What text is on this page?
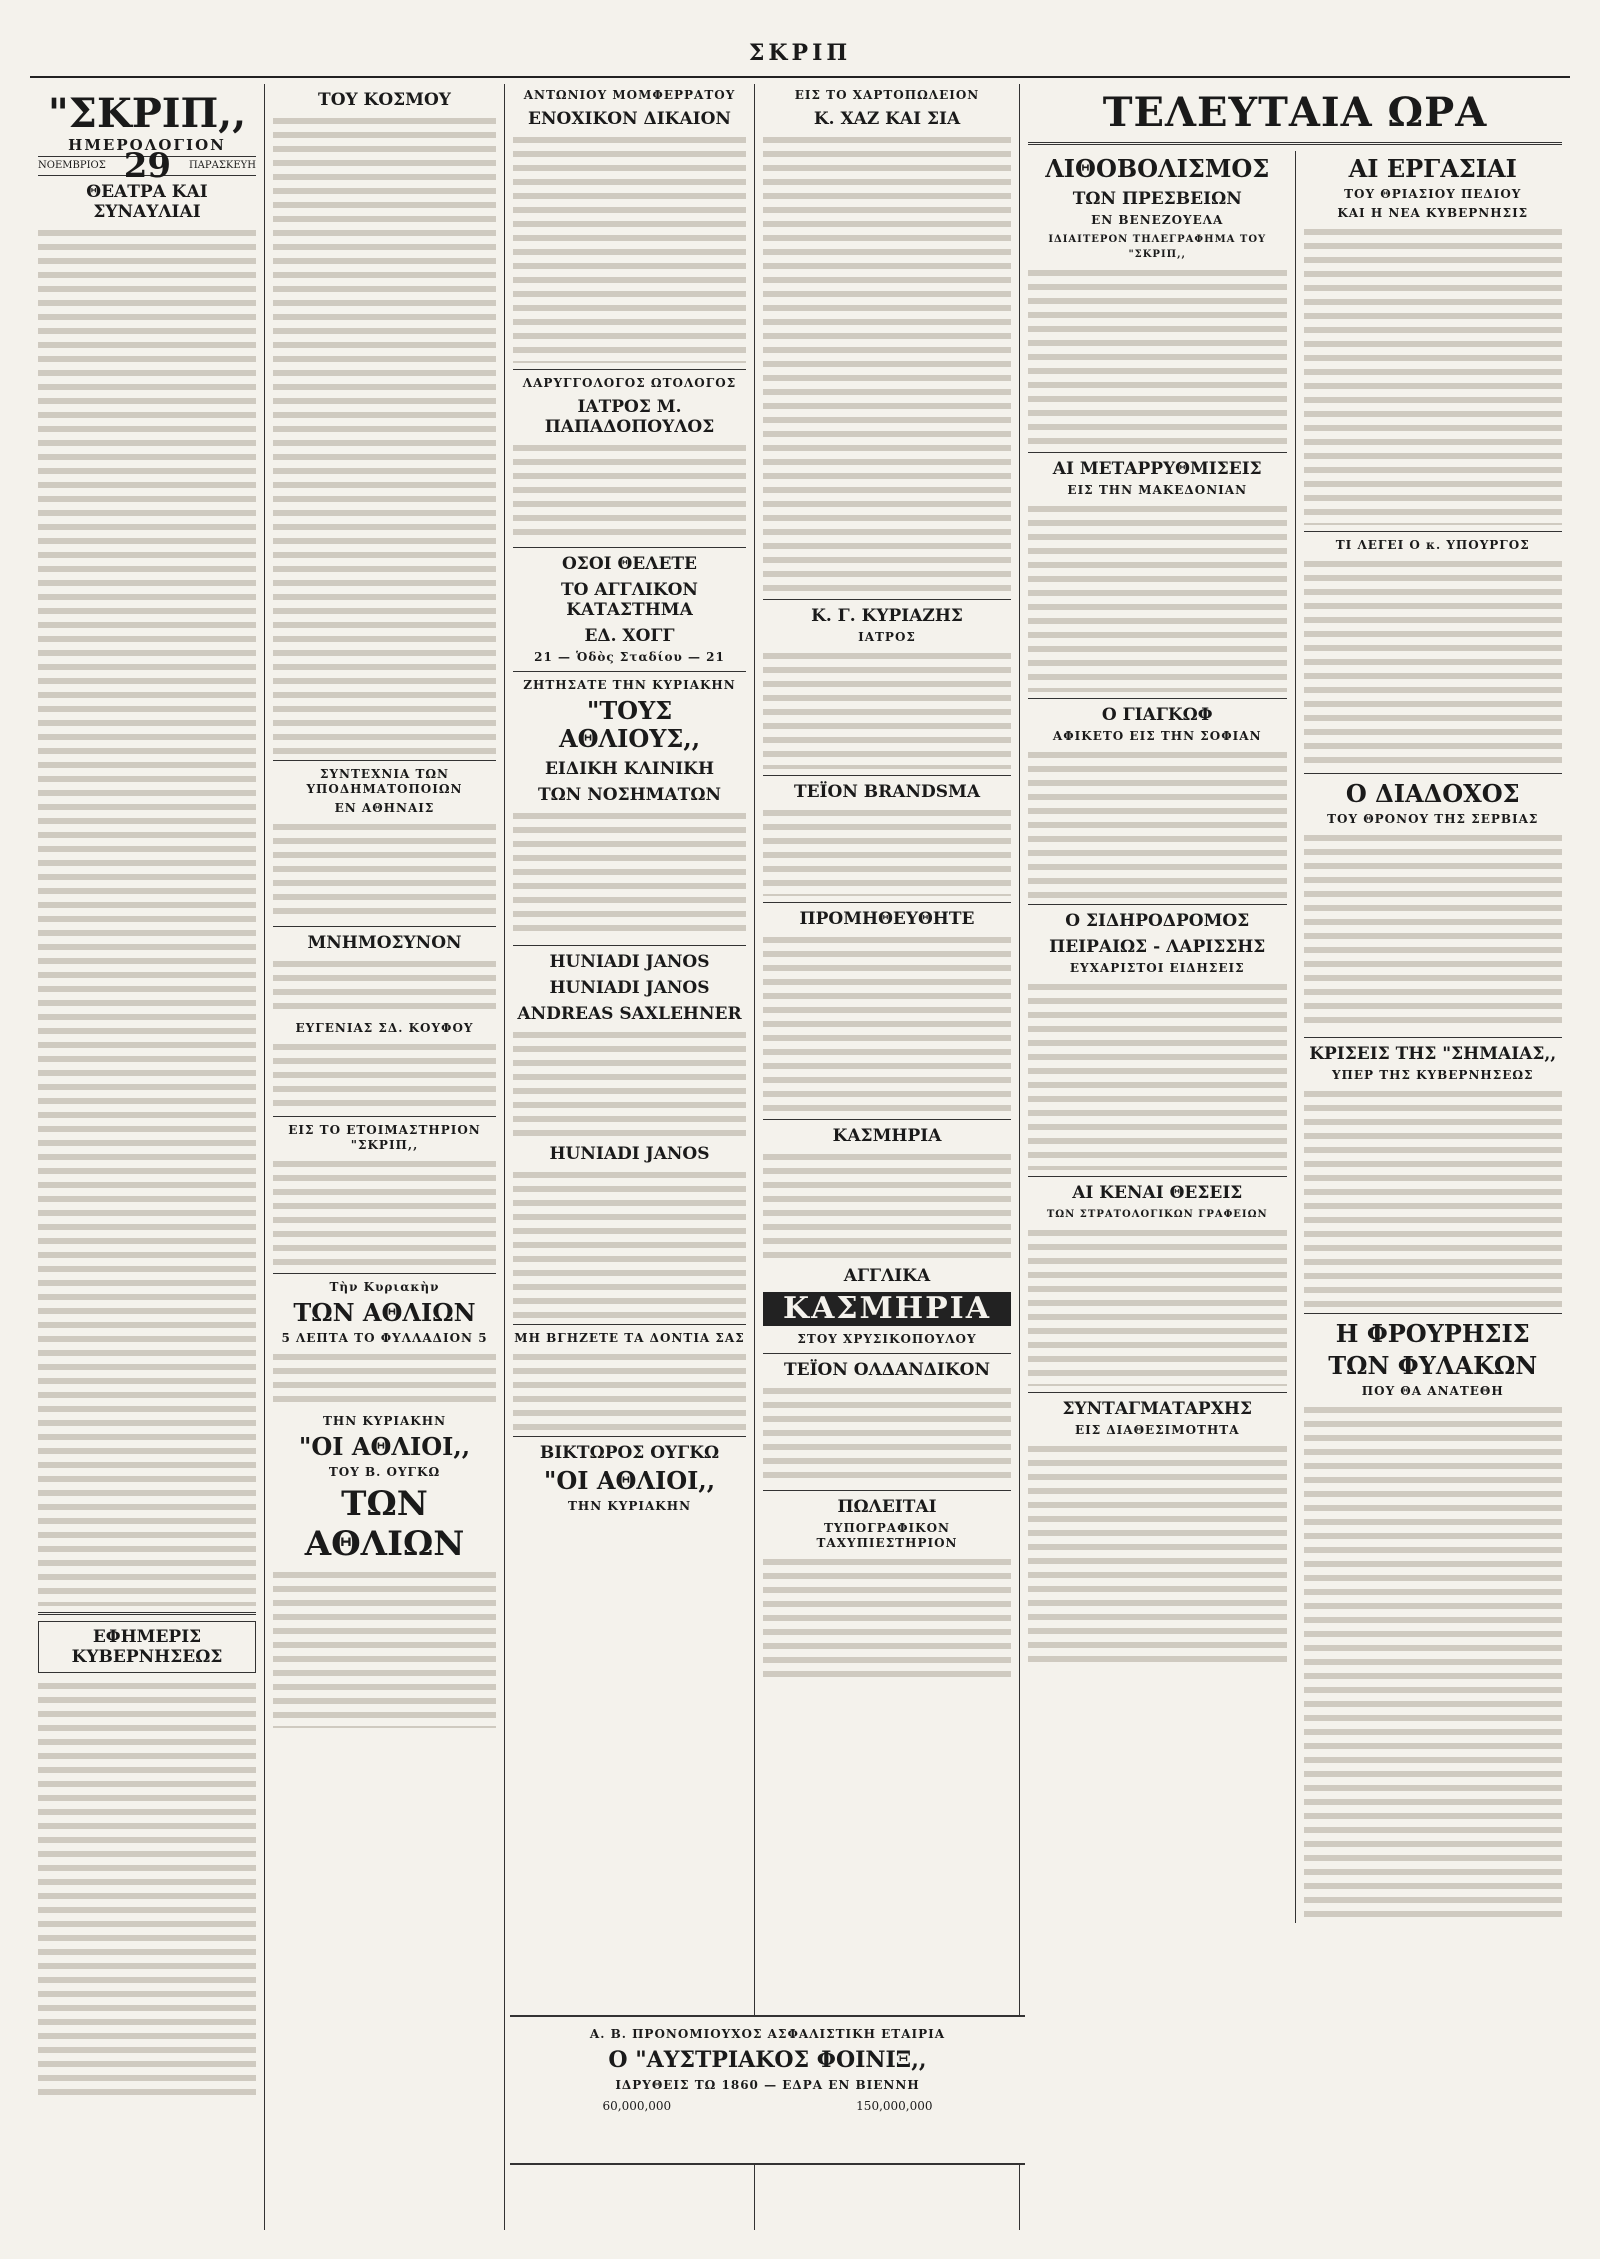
ΣΚΡΙΠ
"ΣΚΡΙΠ,,
ΗΜΕΡΟΛΟΓΙΟΝ
ΝΟΕΜΒΡΙΟΣ 29 ΠΑΡΑΣΚΕΥΗ
ΘΕΑΤΡΑ ΚΑΙ ΣΥΝΑΥΛΙΑΙ
ΕΦΗΜΕΡΙΣ ΚΥΒΕΡΝΗΣΕΩΣ
ΤΟΥ ΚΟΣΜΟΥ
ΣΥΝΤΕΧΝΙΑ ΤΩΝ ΥΠΟΔΗΜΑΤΟΠΟΙΩΝ
ΕΝ ΑΘΗΝΑΙΣ
ΜΝΗΜΟΣΥΝΟΝ
ΕΥΓΕΝΙΑΣ ΣΔ. ΚΟΥΦΟΥ
ΕΙΣ ΤΟ ΕΤΟΙΜΑΣΤΗΡΙΟΝ "ΣΚΡΙΠ,,
Τὴν Κυριακὴν
ΤΩΝ ΑΘΛΙΩΝ
5 ΛΕΠΤΑ ΤΟ ΦΥΛΛΑΔΙΟΝ 5
ΤΗΝ ΚΥΡΙΑΚΗΝ
"ΟΙ ΑΘΛΙΟΙ,,
ΤΟΥ Β. ΟΥΓΚΩ
ΤΩΝ ΑΘΛΙΩΝ
ΑΝΤΩΝΙΟΥ ΜΟΜΦΕΡΡΑΤΟΥ
ΕΝΟΧΙΚΟΝ ΔΙΚΑΙΟΝ
ΛΑΡΥΓΓΟΛΟΓΟΣ ΩΤΟΛΟΓΟΣ
ΙΑΤΡΟΣ Μ. ΠΑΠΑΔΟΠΟΥΛΟΣ
ΟΣΟΙ ΘΕΛΕΤΕ
ΤΟ ΑΓΓΛΙΚΟΝ ΚΑΤΑΣΤΗΜΑ
ΕΔ. ΧΟΓΓ
21 — Ὁδὸς Σταδίου — 21
ΖΗΤΗΣΑΤΕ ΤΗΝ ΚΥΡΙΑΚΗΝ
"ΤΟΥΣ ΑΘΛΙΟΥΣ,,
ΕΙΔΙΚΗ ΚΛΙΝΙΚΗ
ΤΩΝ ΝΟΣΗΜΑΤΩΝ
HUNIADI JANOS
HUNIADI JANOS
ANDREAS SAXLEHNER
HUNIADI JANOS
ΜΗ ΒΓΗΖΕΤΕ ΤΑ ΔΟΝΤΙΑ ΣΑΣ
ΒΙΚΤΩΡΟΣ ΟΥΓΚΩ
"ΟΙ ΑΘΛΙΟΙ,,
ΤΗΝ ΚΥΡΙΑΚΗΝ
ΕΙΣ ΤΟ ΧΑΡΤΟΠΩΛΕΙΟΝ
Κ. ΧΑΖ ΚΑΙ ΣΙΑ
Κ. Γ. ΚΥΡΙΑΖΗΣ
ΙΑΤΡΟΣ
ΤΕΪΟΝ BRANDSMA
ΠΡΟΜΗΘΕΥΘΗΤΕ
ΚΑΣΜΗΡΙΑ
ΑΓΓΛΙΚΑ
ΚΑΣΜΗΡΙΑ
ΣΤΟΥ ΧΡΥΣΙΚΟΠΟΥΛΟΥ
ΤΕΪΟΝ ΟΛΔΑΝΔΙΚΟΝ
ΠΩΛΕΙΤΑΙ
ΤΥΠΟΓΡΑΦΙΚΟΝ ΤΑΧΥΠΙΕΣΤΗΡΙΟΝ
ΤΕΛΕΥΤΑΙΑ ΩΡΑ
ΛΙΘΟΒΟΛΙΣΜΟΣ
ΤΩΝ ΠΡΕΣΒΕΙΩΝ
ΕΝ ΒΕΝΕΖΟΥΕΛΑ
ΙΔΙΑΙΤΕΡΟΝ ΤΗΛΕΓΡΑΦΗΜΑ ΤΟΥ "ΣΚΡΙΠ,,
ΑΙ ΜΕΤΑΡΡΥΘΜΙΣΕΙΣ
ΕΙΣ ΤΗΝ ΜΑΚΕΔΟΝΙΑΝ
Ο ΓΙΑΓΚΩΦ
ΑΦΙΚΕΤΟ ΕΙΣ ΤΗΝ ΣΟΦΙΑΝ
Ο ΣΙΔΗΡΟΔΡΟΜΟΣ
ΠΕΙΡΑΙΩΣ - ΛΑΡΙΣΣΗΣ
ΕΥΧΑΡΙΣΤΟΙ ΕΙΔΗΣΕΙΣ
ΑΙ ΚΕΝΑΙ ΘΕΣΕΙΣ
ΤΩΝ ΣΤΡΑΤΟΛΟΓΙΚΩΝ ΓΡΑΦΕΙΩΝ
ΣΥΝΤΑΓΜΑΤΑΡΧΗΣ
ΕΙΣ ΔΙΑΘΕΣΙΜΟΤΗΤΑ
ΑΙ ΕΡΓΑΣΙΑΙ
ΤΟΥ ΘΡΙΑΣΙΟΥ ΠΕΔΙΟΥ
ΚΑΙ Η ΝΕΑ ΚΥΒΕΡΝΗΣΙΣ
ΤΙ ΛΕΓΕΙ Ο κ. ΥΠΟΥΡΓΟΣ
Ο ΔΙΑΔΟΧΟΣ
ΤΟΥ ΘΡΟΝΟΥ ΤΗΣ ΣΕΡΒΙΑΣ
ΚΡΙΣΕΙΣ ΤΗΣ "ΣΗΜΑΙΑΣ,,
ΥΠΕΡ ΤΗΣ ΚΥΒΕΡΝΗΣΕΩΣ
Η ΦΡΟΥΡΗΣΙΣ
ΤΩΝ ΦΥΛΑΚΩΝ
ΠΟΥ ΘΑ ΑΝΑΤΕΘΗ
Α. Β. ΠΡΟΝΟΜΙΟΥΧΟΣ ΑΣΦΑΛΙΣΤΙΚΗ ΕΤΑΙΡΙΑ
Ο "ΑΥΣΤΡΙΑΚΟΣ ΦΟΙΝΙΞ,,
ΙΔΡΥΘΕΙΣ ΤΩ 1860 — ΕΔΡΑ ΕΝ ΒΙΕΝΝΗ
60,000,000	150,000,000
